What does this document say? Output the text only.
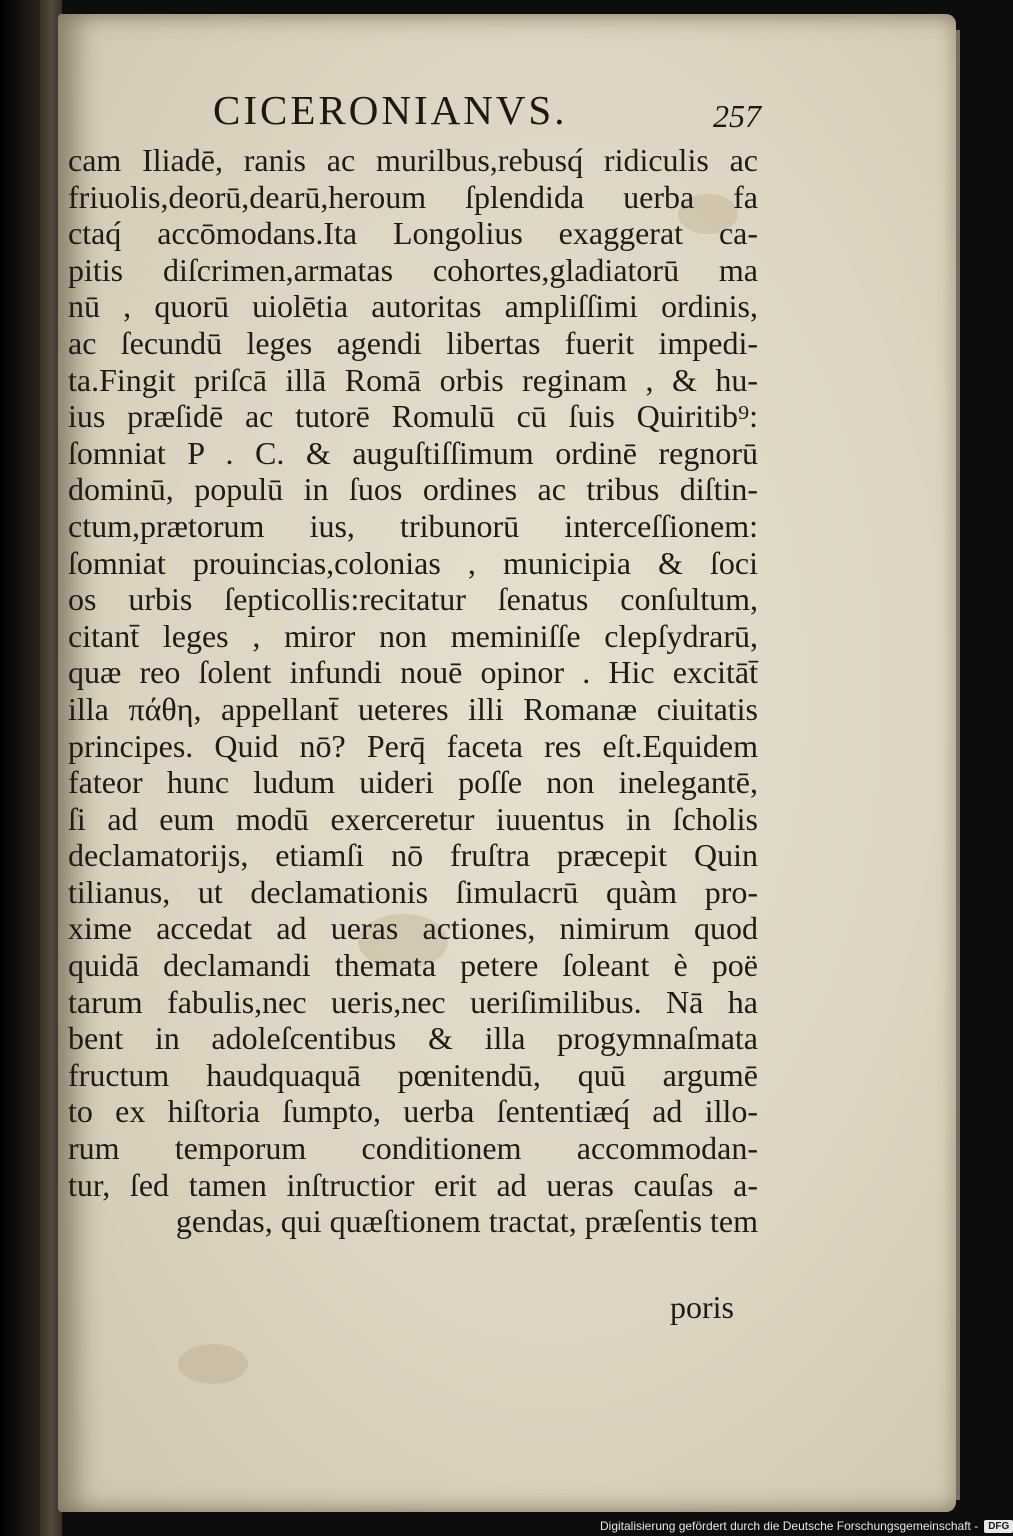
CICERONIANVS.	257
cam Iliadē, ranis ac murilbus,rebusq́ ridiculis ac
friuolis,deorū,dearū,heroum ſplendida uerba fa
ctaq́ accōmodans.Ita Longolius exaggerat ca-
pitis diſcrimen,armatas cohortes,gladiatorū ma
nū , quorū uiolētia autoritas ampliſſimi ordinis,
ac ſecundū leges agendi libertas fuerit impedi-
ta.Fingit priſcā illā Romā orbis reginam , & hu-
ius præſidē ac tutorē Romulū cū ſuis Quiritib⁹:
ſomniat P . C. & auguſtiſſimum ordinē regnorū
dominū, populū in ſuos ordines ac tribus diſtin-
ctum,prætorum ius, tribunorū interceſſionem:
ſomniat prouincias,colonias , municipia & ſoci
os urbis ſepticollis:recitatur ſenatus conſultum,
citant̄ leges , miror non meminiſſe clepſydrarū,
quæ reo ſolent infundi nouē opinor . Hic excitāt̄
illa πάθη, appellant̄ ueteres illi Romanæ ciuitatis
principes. Quid nō? Perq̄ faceta res eſt.Equidem
fateor hunc ludum uideri poſſe non inelegantē,
ſi ad eum modū exerceretur iuuentus in ſcholis
declamatorijs, etiamſi nō fruſtra præcepit Quin
tilianus, ut declamationis ſimulacrū quàm pro-
xime accedat ad ueras actiones, nimirum quod
quidā declamandi themata petere ſoleant è poë
tarum fabulis,nec ueris,nec ueriſimilibus. Nā ha
bent in adoleſcentibus & illa progymnaſmata
fructum haudquaquā pœnitendū, quū argumē
to ex hiſtoria ſumpto, uerba ſententiæq́ ad illo-
rum temporum conditionem accommodan-
tur, ſed tamen inſtructior erit ad ueras cauſas a-
gendas, qui quæſtionem tractat, præſentis tem
poris
Digitalisierung gefördert durch die Deutsche Forschungsgemeinschaft -	DFG
